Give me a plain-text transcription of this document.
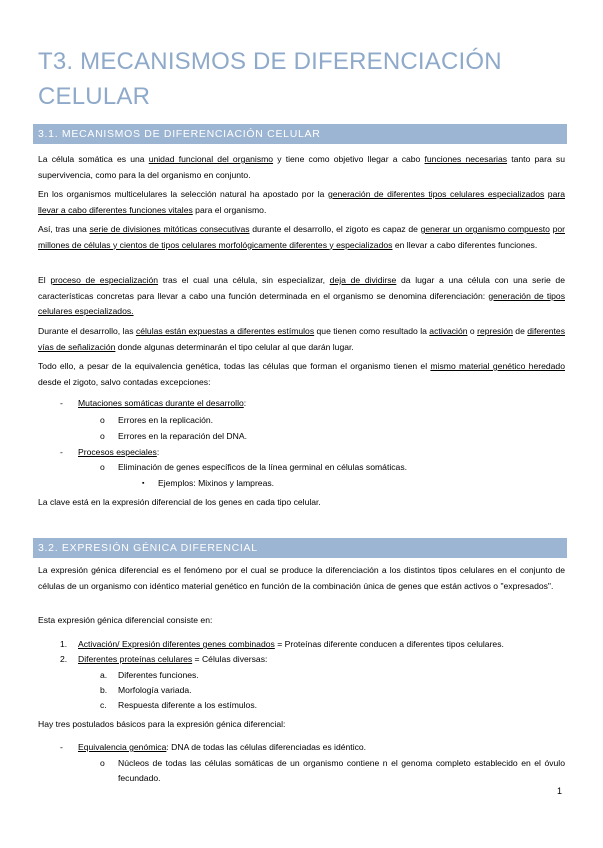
T3. MECANISMOS DE DIFERENCIACIÓN CELULAR
3.1. MECANISMOS DE DIFERENCIACIÓN CELULAR
La célula somática es una unidad funcional del organismo y tiene como objetivo llegar a cabo funciones necesarias tanto para su supervivencia, como para la del organismo en conjunto.
En los organismos multicelulares la selección natural ha apostado por la generación de diferentes tipos celulares especializados para llevar a cabo diferentes funciones vitales para el organismo.
Así, tras una serie de divisiones mitóticas consecutivas durante el desarrollo, el zigoto es capaz de generar un organismo compuesto por millones de células y cientos de tipos celulares morfológicamente diferentes y especializados en llevar a cabo diferentes funciones.
El proceso de especialización tras el cual una célula, sin especializar, deja de dividirse da lugar a una célula con una serie de características concretas para llevar a cabo una función determinada en el organismo se denomina diferenciación: generación de tipos celulares especializados.
Durante el desarrollo, las células están expuestas a diferentes estímulos que tienen como resultado la activación o represión de diferentes vías de señalización donde algunas determinarán el tipo celular al que darán lugar.
Todo ello, a pesar de la equivalencia genética, todas las células que forman el organismo tienen el mismo material genético heredado desde el zigoto, salvo contadas excepciones:
- Mutaciones somáticas durante el desarrollo:
o Errores en la replicación.
o Errores en la reparación del DNA.
- Procesos especiales:
o Eliminación de genes específicos de la línea germinal en células somáticas.
▪ Ejemplos: Mixinos y lampreas.
La clave está en la expresión diferencial de los genes en cada tipo celular.
3.2. EXPRESIÓN GÉNICA DIFERENCIAL
La expresión génica diferencial es el fenómeno por el cual se produce la diferenciación a los distintos tipos celulares en el conjunto de células de un organismo con idéntico material genético en función de la combinación única de genes que están activos o "expresados".
Esta expresión génica diferencial consiste en:
1. Activación/ Expresión diferentes genes combinados = Proteínas diferente conducen a diferentes tipos celulares.
2. Diferentes proteínas celulares = Células diversas:
a. Diferentes funciones.
b. Morfología variada.
c. Respuesta diferente a los estímulos.
Hay tres postulados básicos para la expresión génica diferencial:
- Equivalencia genómica: DNA de todas las células diferenciadas es idéntico.
o Núcleos de todas las células somáticas de un organismo contiene n el genoma completo establecido en el óvulo fecundado.
1
